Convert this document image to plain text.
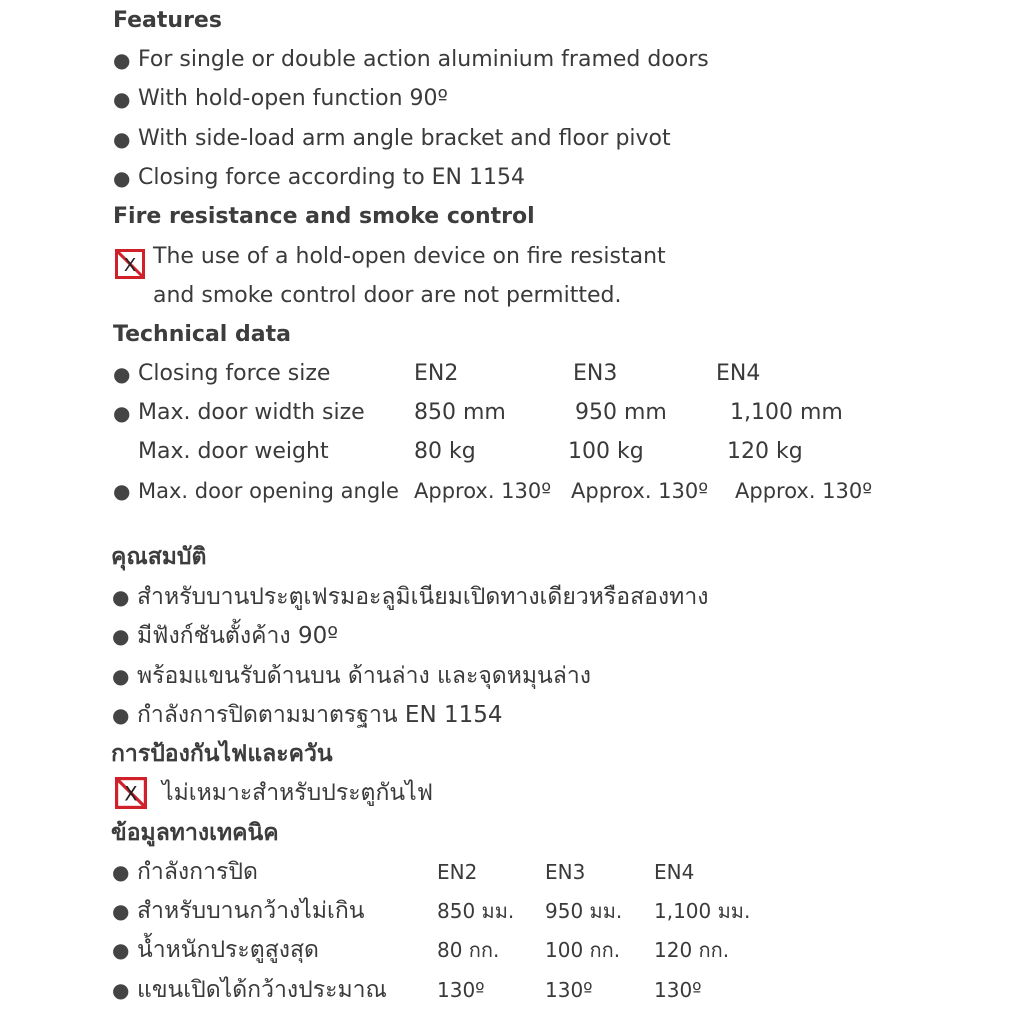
Features
● For single or double action aluminium framed doors
● With hold-open function 90º
● With side-load arm angle bracket and floor pivot
● Closing force according to EN 1154
Fire resistance and smoke control
X The use of a hold-open device on fire resistant
and smoke control door are not permitted.
Technical data
● Closing force size	EN2	EN3	EN4
● Max. door width size 850 mm	950 mm	1,100 mm
Max. door weight	80 kg	100 kg	120 kg
● Max. door opening angle Approx. 130º Approx. 130º Approx. 130º
คุณสมบัติ
● สำหรับบานประตูเฟรมอะลูมิเนียมเปิดทางเดียวหรือสองทาง
● มีฟังก์ชันตั้งค้าง 90º
● พร้อมแขนรับด้านบน ด้านล่าง และจุดหมุนล่าง
● กำลังการปิดตามมาตรฐาน EN 1154
การป้องกันไฟและควัน
X ไม่เหมาะสำหรับประตูกันไฟ
ข้อมูลทางเทคนิค
● กำลังการปิด	EN2	EN3	EN4
● สำหรับบานกว้างไม่เกิน	850 มม. 950 มม. 1,100 มม.
● น้ำหนักประตูสูงสุด	80 กก. 100 กก. 120 กก.
● แขนเปิดได้กว้างประมาณ	130º	130º	130º
